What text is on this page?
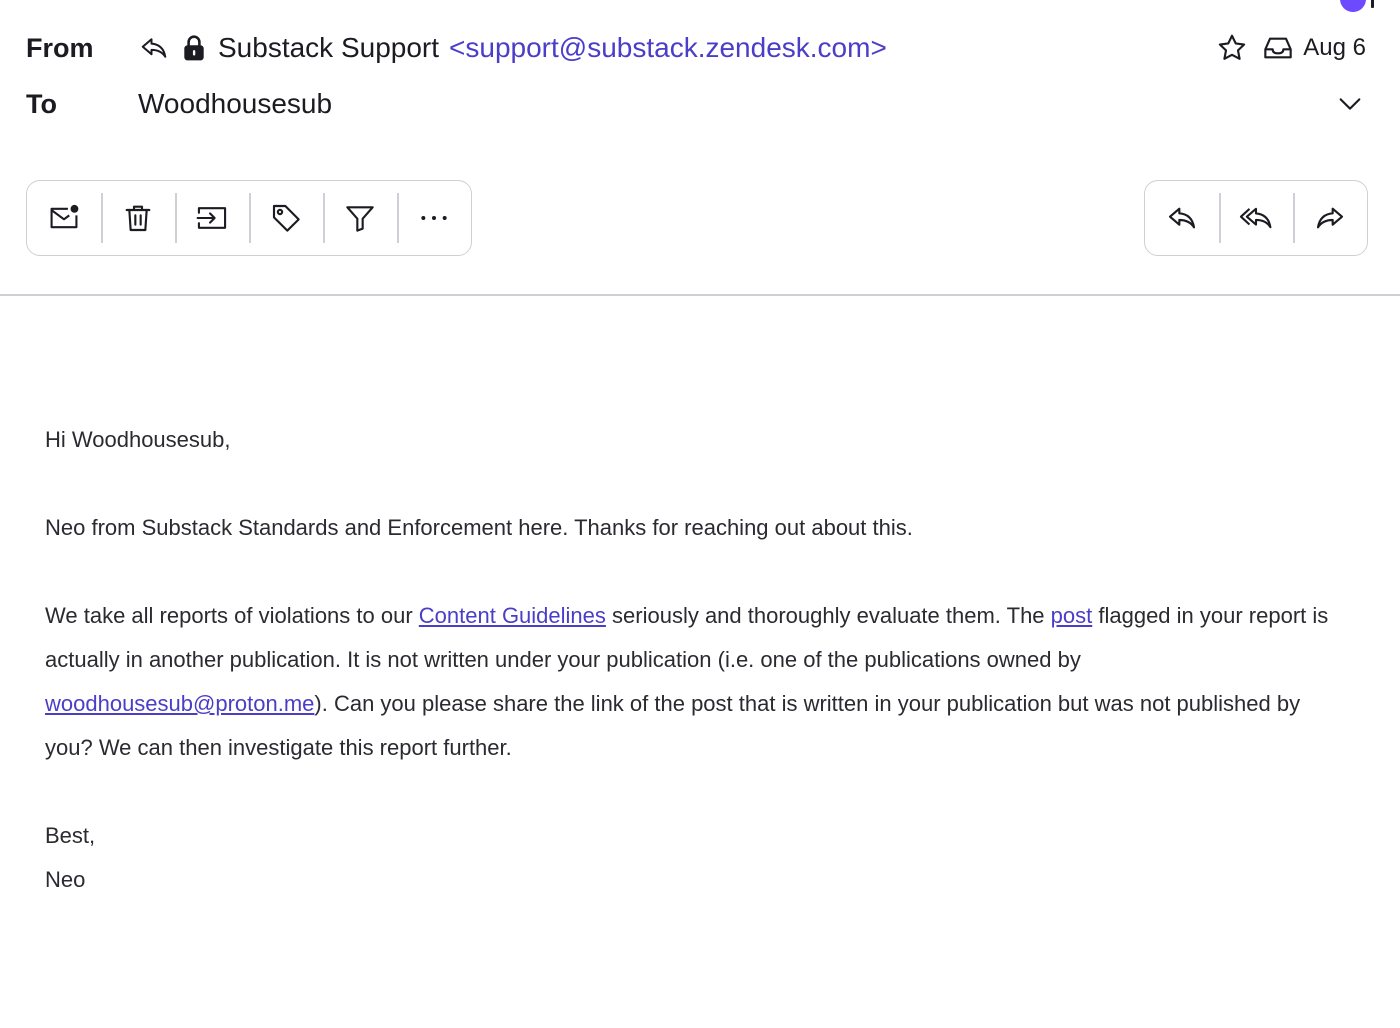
From	Substack Support <support@substack.zendesk.com>	Aug 6
To	Woodhousesub

Hi Woodhousesub,

Neo from Substack Standards and Enforcement here. Thanks for reaching out about this.

We take all reports of violations to our Content Guidelines seriously and thoroughly evaluate them. The post flagged in your report is actually in another publication. It is not written under your publication (i.e. one of the publications owned by woodhousesub@proton.me). Can you please share the link of the post that is written in your publication but was not published by you? We can then investigate this report further.

Best,
Neo
